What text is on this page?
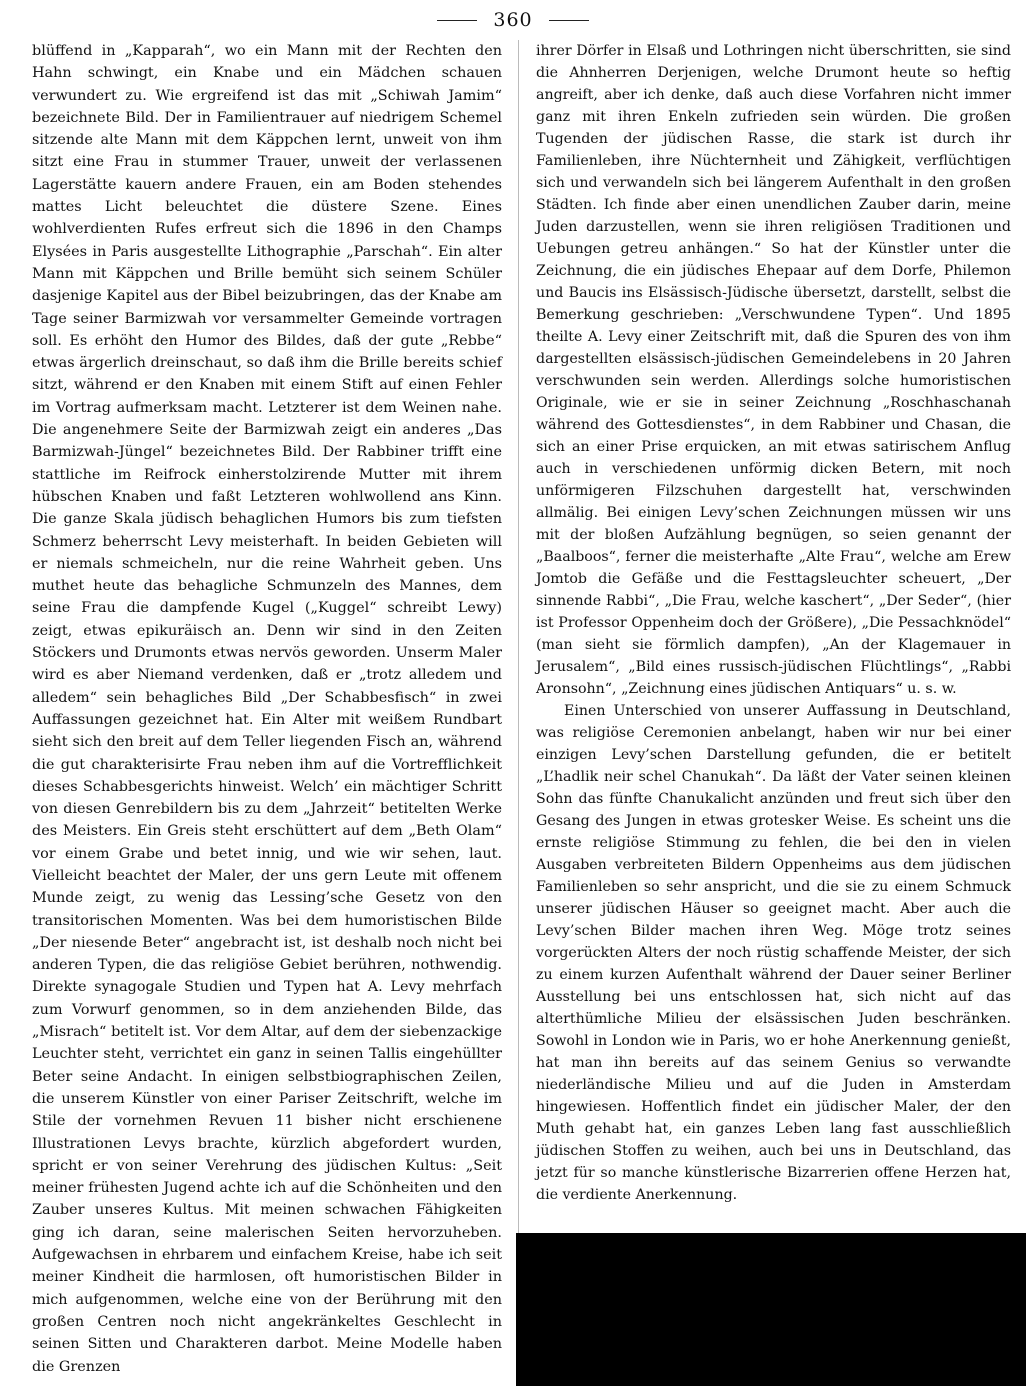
360

blüffend in „Kapparah“, wo ein Mann mit der Rechten den Hahn schwingt, ein Knabe und ein Mädchen schauen verwundert zu. Wie ergreifend ist das mit „Schiwah Jamim“ bezeichnete Bild. Der in Familientrauer auf niedrigem Schemel sitzende alte Mann mit dem Käppchen lernt, unweit von ihm sitzt eine Frau in stummer Trauer, unweit der verlassenen Lagerstätte kauern andere Frauen, ein am Boden stehendes mattes Licht beleuchtet die düstere Szene. Eines wohlverdienten Rufes erfreut sich die 1896 in den Champs Elysées in Paris ausgestellte Lithographie „Parschah“. Ein alter Mann mit Käppchen und Brille bemüht sich seinem Schüler dasjenige Kapitel aus der Bibel beizubringen, das der Knabe am Tage seiner Barmizwah vor versammelter Gemeinde vortragen soll. Es erhöht den Humor des Bildes, daß der gute „Rebbe“ etwas ärgerlich dreinschaut, so daß ihm die Brille bereits schief sitzt, während er den Knaben mit einem Stift auf einen Fehler im Vortrag aufmerksam macht. Letzterer ist dem Weinen nahe. Die angenehmere Seite der Barmizwah zeigt ein anderes „Das Barmizwah-Jüngel“ bezeichnetes Bild. Der Rabbiner trifft eine stattliche im Reifrock einherstolzirende Mutter mit ihrem hübschen Knaben und faßt Letzteren wohlwollend ans Kinn. Die ganze Skala jüdisch behaglichen Humors bis zum tiefsten Schmerz beherrscht Levy meisterhaft. In beiden Gebieten will er niemals schmeicheln, nur die reine Wahrheit geben. Uns muthet heute das behagliche Schmunzeln des Mannes, dem seine Frau die dampfende Kugel („Kuggel“ schreibt Lewy) zeigt, etwas epikuräisch an. Denn wir sind in den Zeiten Stöckers und Drumonts etwas nervös geworden. Unserm Maler wird es aber Niemand verdenken, daß er „trotz alledem und alledem“ sein behagliches Bild „Der Schabbesfisch“ in zwei Auffassungen gezeichnet hat. Ein Alter mit weißem Rundbart sieht sich den breit auf dem Teller liegenden Fisch an, während die gut charakterisirte Frau neben ihm auf die Vortrefflichkeit dieses Schabbesgerichts hinweist. Welch’ ein mächtiger Schritt von diesen Genrebildern bis zu dem „Jahrzeit“ betitelten Werke des Meisters. Ein Greis steht erschüttert auf dem „Beth Olam“ vor einem Grabe und betet innig, und wie wir sehen, laut. Vielleicht beachtet der Maler, der uns gern Leute mit offenem Munde zeigt, zu wenig das Lessing’sche Gesetz von den transitorischen Momenten. Was bei dem humoristischen Bilde „Der niesende Beter“ angebracht ist, ist deshalb noch nicht bei anderen Typen, die das religiöse Gebiet berühren, nothwendig. Direkte synagogale Studien und Typen hat A. Levy mehrfach zum Vorwurf genommen, so in dem anziehenden Bilde, das „Misrach“ betitelt ist. Vor dem Altar, auf dem der siebenzackige Leuchter steht, verrichtet ein ganz in seinen Tallis eingehüllter Beter seine Andacht. In einigen selbstbiographischen Zeilen, die unserem Künstler von einer Pariser Zeitschrift, welche im Stile der vornehmen Revuen 11 bisher nicht erschienene Illustrationen Levys brachte, kürzlich abgefordert wurden, spricht er von seiner Verehrung des jüdischen Kultus: „Seit meiner frühesten Jugend achte ich auf die Schönheiten und den Zauber unseres Kultus. Mit meinen schwachen Fähigkeiten ging ich daran, seine malerischen Seiten hervorzuheben. Aufgewachsen in ehrbarem und einfachem Kreise, habe ich seit meiner Kindheit die harmlosen, oft humoristischen Bilder in mich aufgenommen, welche eine von der Berührung mit den großen Centren noch nicht angekränkeltes Geschlecht in seinen Sitten und Charakteren darbot. Meine Modelle haben die Grenzen

ihrer Dörfer in Elsaß und Lothringen nicht überschritten, sie sind die Ahnherren Derjenigen, welche Drumont heute so heftig angreift, aber ich denke, daß auch diese Vorfahren nicht immer ganz mit ihren Enkeln zufrieden sein würden. Die großen Tugenden der jüdischen Rasse, die stark ist durch ihr Familienleben, ihre Nüchternheit und Zähigkeit, verflüchtigen sich und verwandeln sich bei längerem Aufenthalt in den großen Städten. Ich finde aber einen unendlichen Zauber darin, meine Juden darzustellen, wenn sie ihren religiösen Traditionen und Uebungen getreu anhängen.“ So hat der Künstler unter die Zeichnung, die ein jüdisches Ehepaar auf dem Dorfe, Philemon und Baucis ins Elsässisch-Jüdische übersetzt, darstellt, selbst die Bemerkung geschrieben: „Verschwundene Typen“. Und 1895 theilte A. Levy einer Zeitschrift mit, daß die Spuren des von ihm dargestellten elsässisch-jüdischen Gemeindelebens in 20 Jahren verschwunden sein werden. Allerdings solche humoristischen Originale, wie er sie in seiner Zeichnung „Roschhaschanah während des Gottesdienstes“, in dem Rabbiner und Chasan, die sich an einer Prise erquicken, an mit etwas satirischem Anflug auch in verschiedenen unförmig dicken Betern, mit noch unförmigeren Filzschuhen dargestellt hat, verschwinden allmälig. Bei einigen Levy’schen Zeichnungen müssen wir uns mit der bloßen Aufzählung begnügen, so seien genannt der „Baalboos“, ferner die meisterhafte „Alte Frau“, welche am Erew Jomtob die Gefäße und die Festtagsleuchter scheuert, „Der sinnende Rabbi“, „Die Frau, welche kaschert“, „Der Seder“, (hier ist Professor Oppenheim doch der Größere), „Die Pessachknödel“ (man sieht sie förmlich dampfen), „An der Klagemauer in Jerusalem“, „Bild eines russisch-jüdischen Flüchtlings“, „Rabbi Aronsohn“, „Zeichnung eines jüdischen Antiquars“ u. s. w.

Einen Unterschied von unserer Auffassung in Deutschland, was religiöse Ceremonien anbelangt, haben wir nur bei einer einzigen Levy’schen Darstellung gefunden, die er betitelt „L’hadlik neir schel Chanukah“. Da läßt der Vater seinen kleinen Sohn das fünfte Chanukalicht anzünden und freut sich über den Gesang des Jungen in etwas grotesker Weise. Es scheint uns die ernste religiöse Stimmung zu fehlen, die bei den in vielen Ausgaben verbreiteten Bildern Oppenheims aus dem jüdischen Familienleben so sehr anspricht, und die sie zu einem Schmuck unserer jüdischen Häuser so geeignet macht. Aber auch die Levy’schen Bilder machen ihren Weg. Möge trotz seines vorgerückten Alters der noch rüstig schaffende Meister, der sich zu einem kurzen Aufenthalt während der Dauer seiner Berliner Ausstellung bei uns entschlossen hat, sich nicht auf das alterthümliche Milieu der elsässischen Juden beschränken. Sowohl in London wie in Paris, wo er hohe Anerkennung genießt, hat man ihn bereits auf das seinem Genius so verwandte niederländische Milieu und auf die Juden in Amsterdam hingewiesen. Hoffentlich findet ein jüdischer Maler, der den Muth gehabt hat, ein ganzes Leben lang fast ausschließlich jüdischen Stoffen zu weihen, auch bei uns in Deutschland, das jetzt für so manche künstlerische Bizarrerien offene Herzen hat, die verdiente Anerkennung.
